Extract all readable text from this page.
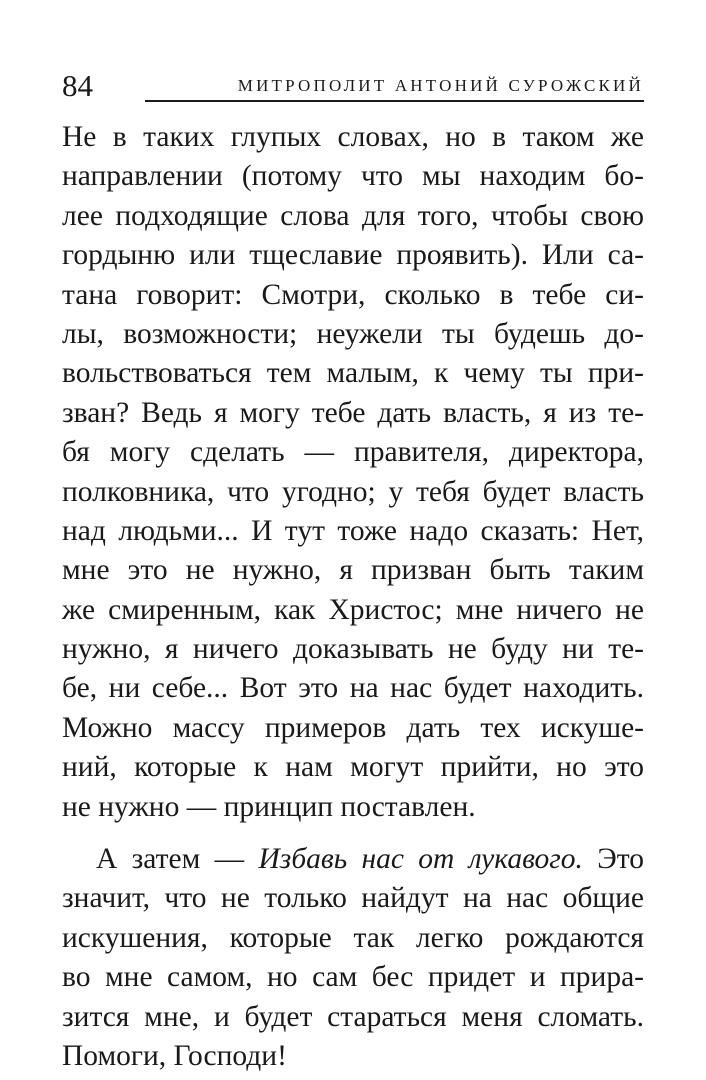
84	МИТРОПОЛИТ АНТОНИЙ СУРОЖСКИЙ
Не в таких глупых словах, но в таком же
направлении (потому что мы находим бо-
лее подходящие слова для того, чтобы свою
гордыню или тщеславие проявить). Или са-
тана говорит: Смотри, сколько в тебе си-
лы, возможности; неужели ты будешь до-
вольствоваться тем малым, к чему ты при-
зван? Ведь я могу тебе дать власть, я из те-
бя могу сделать — правителя, директора,
полковника, что угодно; у тебя будет власть
над людьми... И тут тоже надо сказать: Нет,
мне это не нужно, я призван быть таким
же смиренным, как Христос; мне ничего не
нужно, я ничего доказывать не буду ни те-
бе, ни себе... Вот это на нас будет находить.
Можно массу примеров дать тех искуше-
ний, которые к нам могут прийти, но это
не нужно — принцип поставлен.
А затем — Избавь нас от лукавого. Это
значит, что не только найдут на нас общие
искушения, которые так легко рождаются
во мне самом, но сам бес придет и прира-
зится мне, и будет стараться меня сломать.
Помоги, Господи!
